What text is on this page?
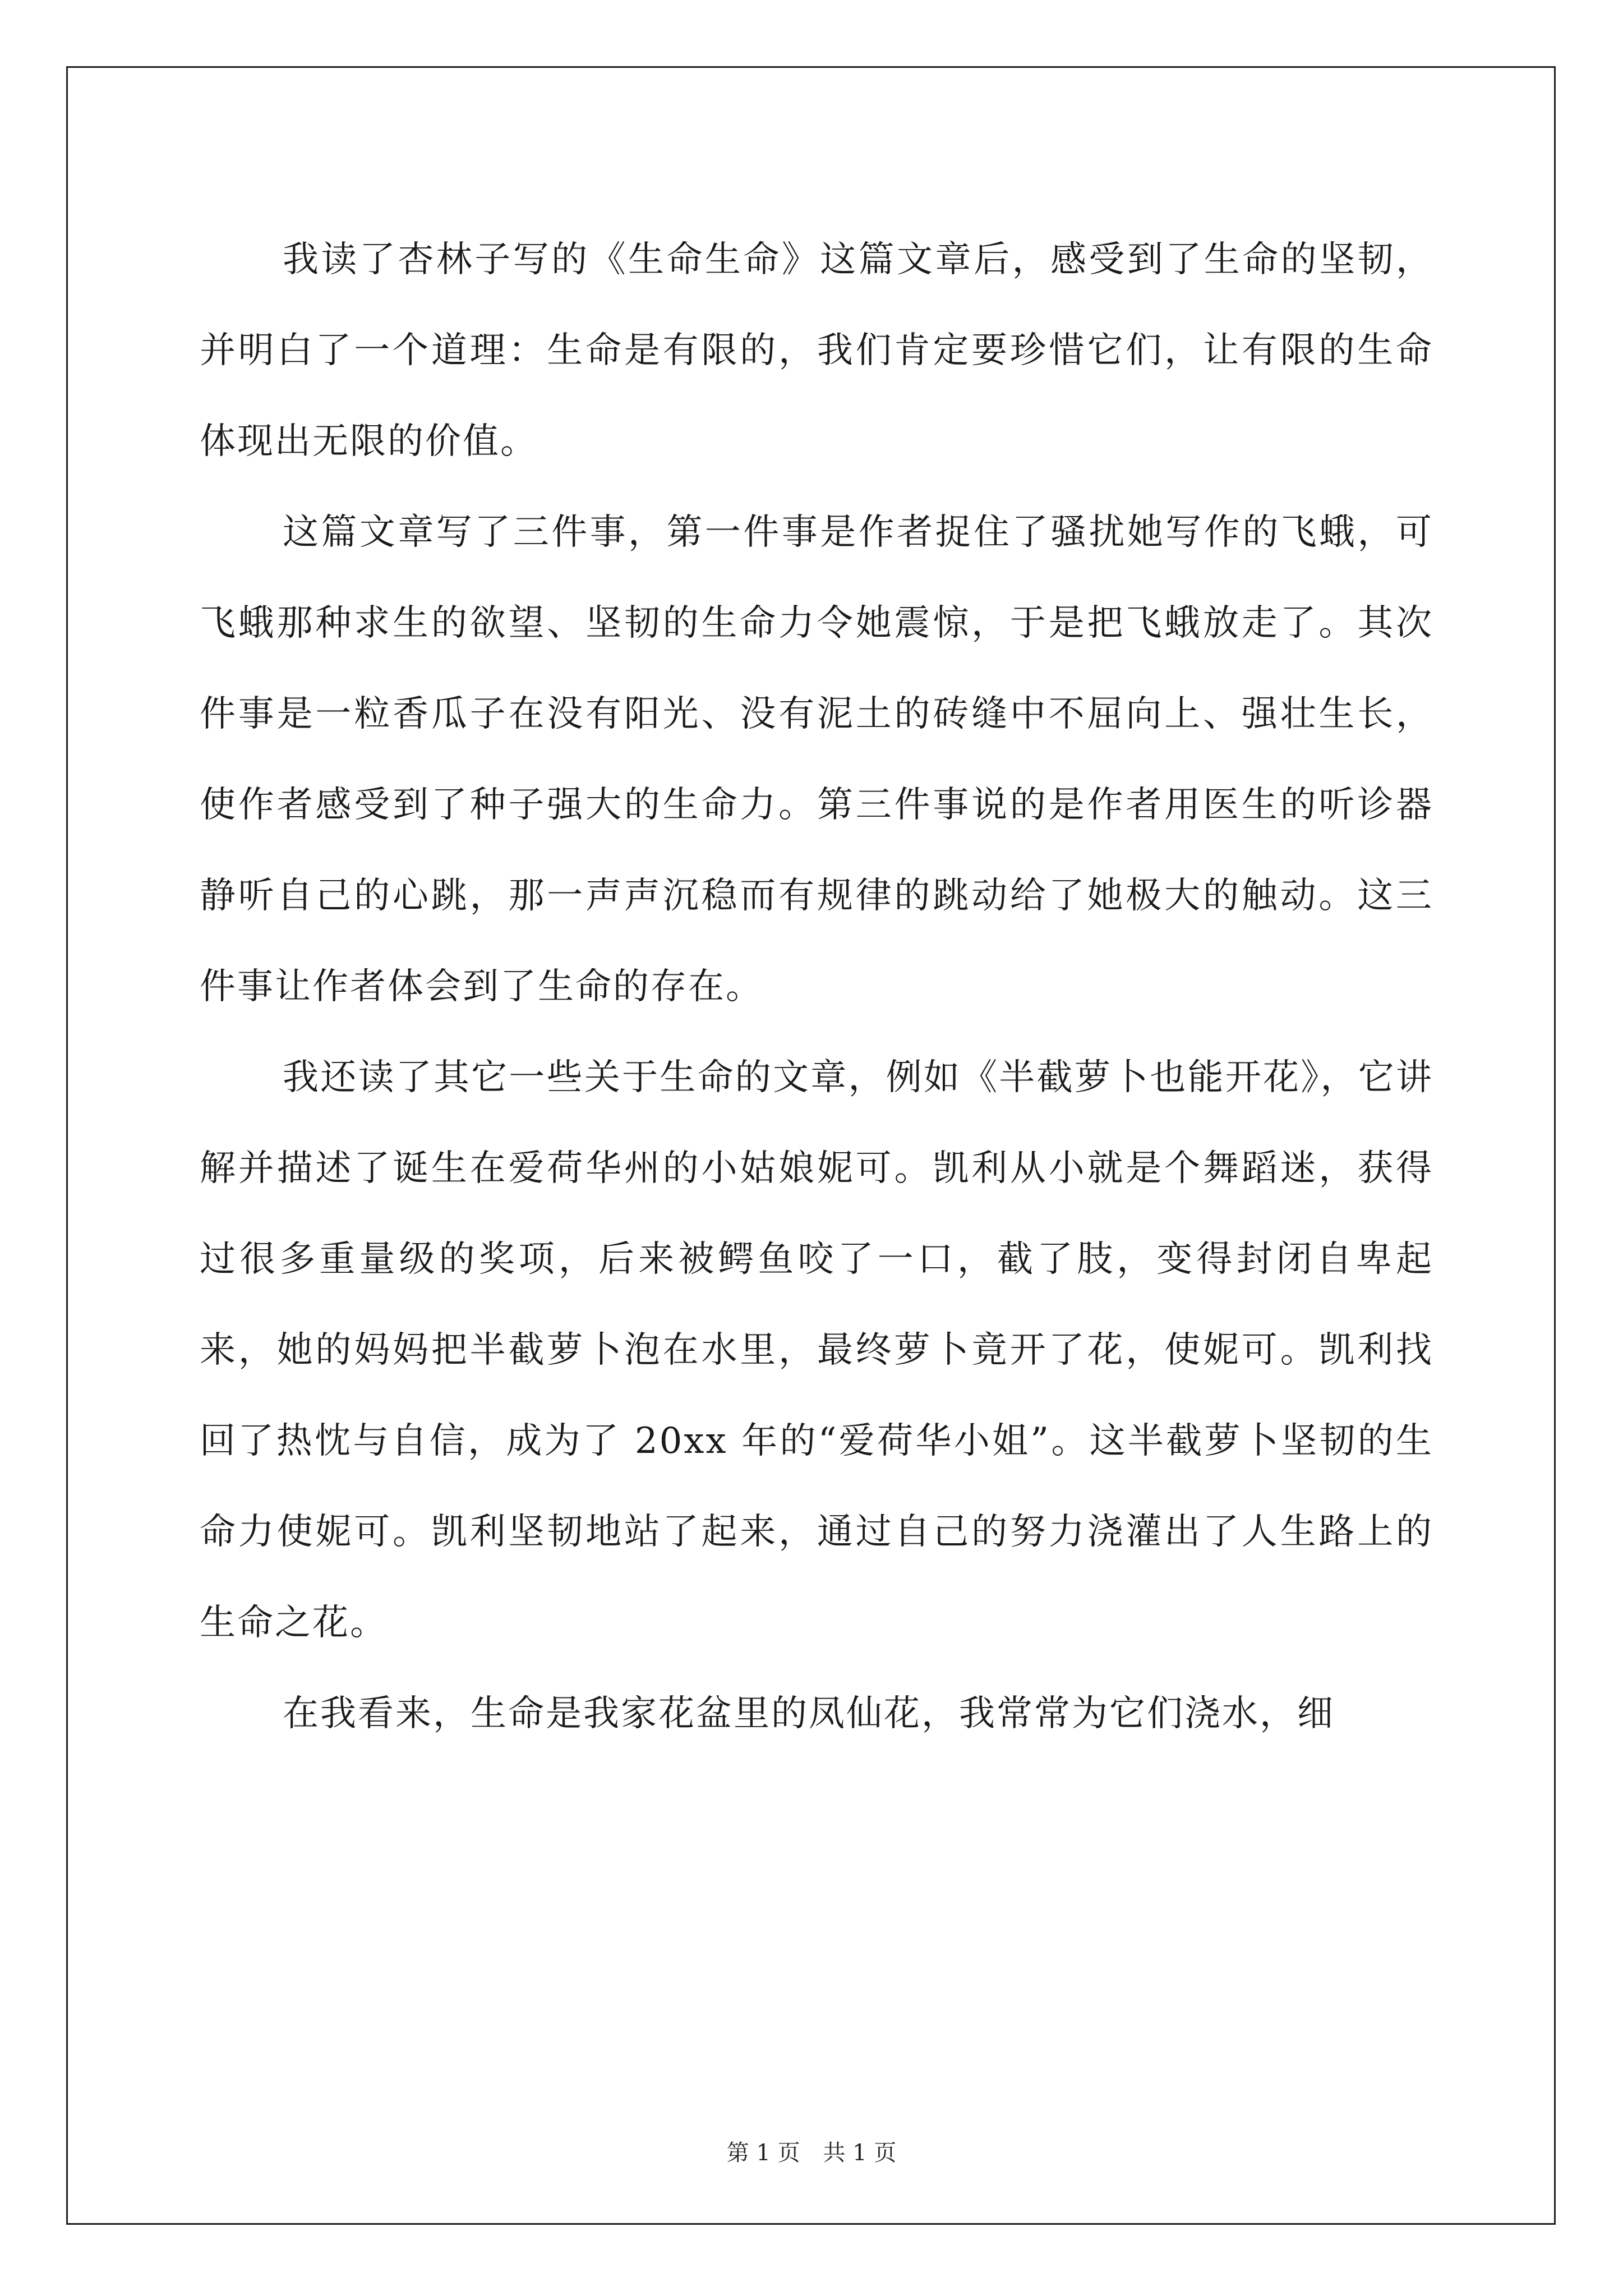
我读了杏林子写的《生命生命》这篇文章后，感受到了生命的坚韧，并明白了一个道理：生命是有限的，我们肯定要珍惜它们，让有限的生命体现出无限的价值。

这篇文章写了三件事，第一件事是作者捉住了骚扰她写作的飞蛾，可飞蛾那种求生的欲望、坚韧的生命力令她震惊，于是把飞蛾放走了。其次件事是一粒香瓜子在没有阳光、没有泥土的砖缝中不屈向上、强壮生长，使作者感受到了种子强大的生命力。第三件事说的是作者用医生的听诊器静听自己的心跳，那一声声沉稳而有规律的跳动给了她极大的触动。这三件事让作者体会到了生命的存在。

我还读了其它一些关于生命的文章，例如《半截萝卜也能开花》，它讲解并描述了诞生在爱荷华州的小姑娘妮可。凯利从小就是个舞蹈迷，获得过很多重量级的奖项，后来被鳄鱼咬了一口，截了肢，变得封闭自卑起来，她的妈妈把半截萝卜泡在水里，最终萝卜竟开了花，使妮可。凯利找回了热忱与自信，成为了 20xx 年的“爱荷华小姐”。这半截萝卜坚韧的生命力使妮可。凯利坚韧地站了起来，通过自己的努力浇灌出了人生路上的生命之花。

在我看来，生命是我家花盆里的凤仙花，我常常为它们浇水，细

第 1 页 共 1 页
